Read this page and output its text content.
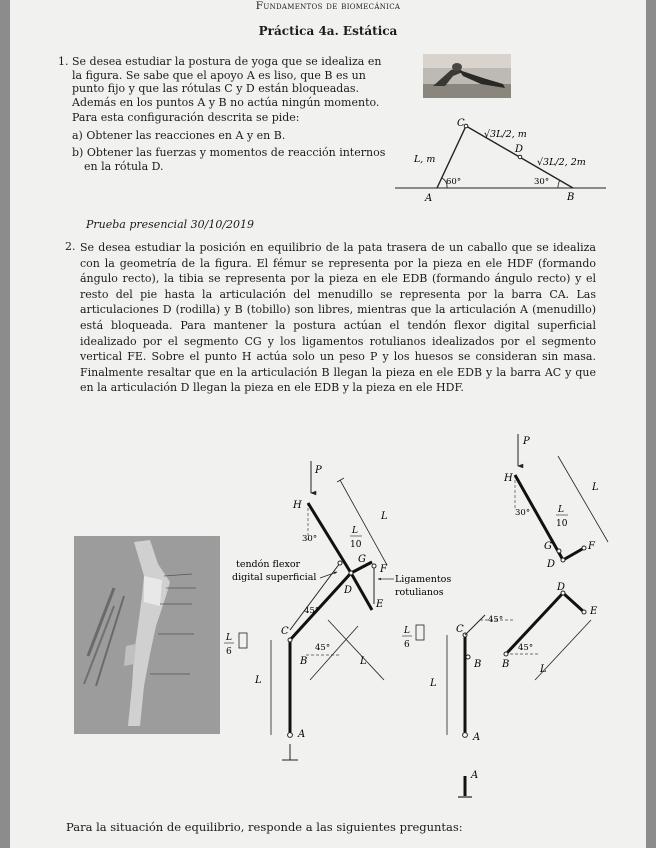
Fundamentos de biomecánica
Práctica 4a. Estática
1. Se desea estudiar la postura de yoga que se idealiza en la figura. Se sabe que el apoyo A es liso, que B es un punto fijo y que las rótulas C y D están bloqueadas. Además en los puntos A y B no actúa ningún momento.
Para esta configuración descrita se pide:
a) Obtener las reacciones en A y en B.
b) Obtener las fuerzas y momentos de reacción internos en la rótula D.
C
D
A	B
√3L/2, m
√3L/2, 2m
L, m
60°	30°
Prueba presencial 30/10/2019
2. Se desea estudiar la posición en equilibrio de la pata trasera de un caballo que se idealiza con la geometría de la figura. El fémur se representa por la pieza en ele HDF (formando ángulo recto), la tibia se representa por la pieza en ele EDB (formando ángulo recto) y el resto del pie hasta la articulación del menudillo se representa por la barra CA. Las articulaciones D (rodilla) y B (tobillo) son libres, mientras que la articulación A (menudillo) está bloqueada. Para mantener la postura actúan el tendón flexor digital superficial idealizado por el segmento CG y los ligamentos rotulianos idealizados por el segmento vertical FE. Sobre el punto H actúa solo un peso P y los huesos se consideran sin masa. Finalmente resaltar que en la articulación B llegan la pieza en ele EDB y la barra AC y que en la articulación D llegan la pieza en ele EDB y la pieza en ele HDF.
P
H
30°
L
L
10
G
F
D
E
C
B
A
45°
45°
L
L
L
6
tendón flexor
digital superficial	Ligamentos
rotulianos
P
H
30°
L
L
10
G	F
D
C
B
A
L
L
6
45°
D
E
B
45°
L
A
Para la situación de equilibrio, responde a las siguientes preguntas:
